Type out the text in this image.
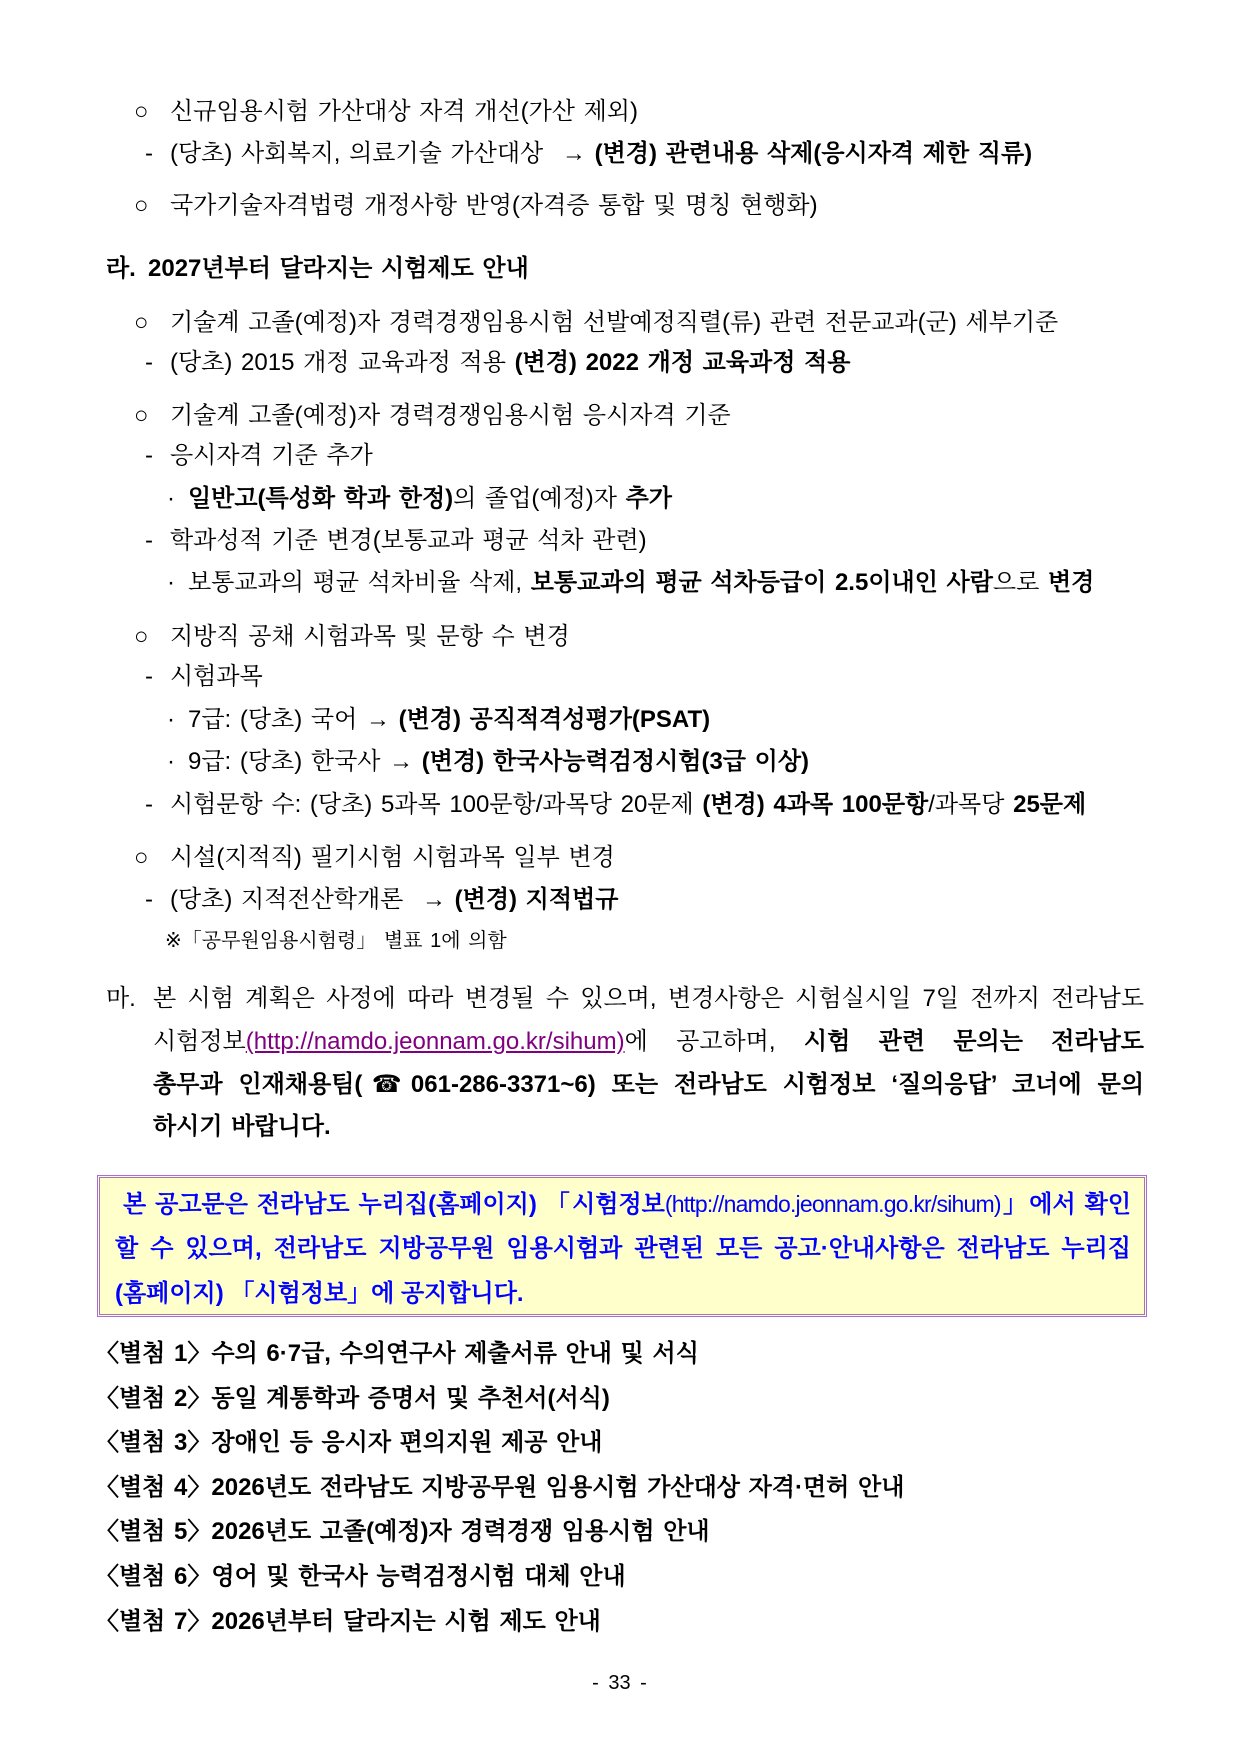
○ 신규임용시험 가산대상 자격 개선(가산 제외)
- (당초) 사회복지, 의료기술 가산대상 → (변경) 관련내용 삭제(응시자격 제한 직류)
○ 국가기술자격법령 개정사항 반영(자격증 통합 및 명칭 현행화)
라. 2027년부터 달라지는 시험제도 안내
○ 기술계 고졸(예정)자 경력경쟁임용시험 선발예정직렬(류) 관련 전문교과(군) 세부기준
- (당초) 2015 개정 교육과정 적용 (변경) 2022 개정 교육과정 적용
○ 기술계 고졸(예정)자 경력경쟁임용시험 응시자격 기준
- 응시자격 기준 추가
· 일반고(특성화 학과 한정)의 졸업(예정)자 추가
- 학과성적 기준 변경(보통교과 평균 석차 관련)
· 보통교과의 평균 석차비율 삭제, 보통교과의 평균 석차등급이 2.5이내인 사람으로 변경
○ 지방직 공채 시험과목 및 문항 수 변경
- 시험과목
· 7급: (당초) 국어 → (변경) 공직적격성평가(PSAT)
· 9급: (당초) 한국사 → (변경) 한국사능력검정시험(3급 이상)
- 시험문항 수: (당초) 5과목 100문항/과목당 20문제 (변경) 4과목 100문항/과목당 25문제
○ 시설(지적직) 필기시험 시험과목 일부 변경
- (당초) 지적전산학개론 → (변경) 지적법규
※「공무원임용시험령」 별표 1에 의함
마. 본 시험 계획은 사정에 따라 변경될 수 있으며, 변경사항은 시험실시일 7일 전까지 전라남도
시험정보(http://namdo.jeonnam.go.kr/sihum)에 공고하며, 시험 관련 문의는 전라남도
총무과 인재채용팀(☎061-286-3371~6) 또는 전라남도 시험정보 ‘질의응답’ 코너에 문의
하시기 바랍니다.
본 공고문은 전라남도 누리집(홈페이지) 「시험정보(http://namdo.jeonnam.go.kr/sihum)」에서 확인
할 수 있으며, 전라남도 지방공무원 임용시험과 관련된 모든 공고·안내사항은 전라남도 누리집
(홈페이지) 「시험정보」에 공지합니다.
〈별첨 1〉수의 6·7급, 수의연구사 제출서류 안내 및 서식
〈별첨 2〉동일 계통학과 증명서 및 추천서(서식)
〈별첨 3〉장애인 등 응시자 편의지원 제공 안내
〈별첨 4〉2026년도 전라남도 지방공무원 임용시험 가산대상 자격·면허 안내
〈별첨 5〉2026년도 고졸(예정)자 경력경쟁 임용시험 안내
〈별첨 6〉영어 및 한국사 능력검정시험 대체 안내
〈별첨 7〉2026년부터 달라지는 시험 제도 안내
- 33 -
